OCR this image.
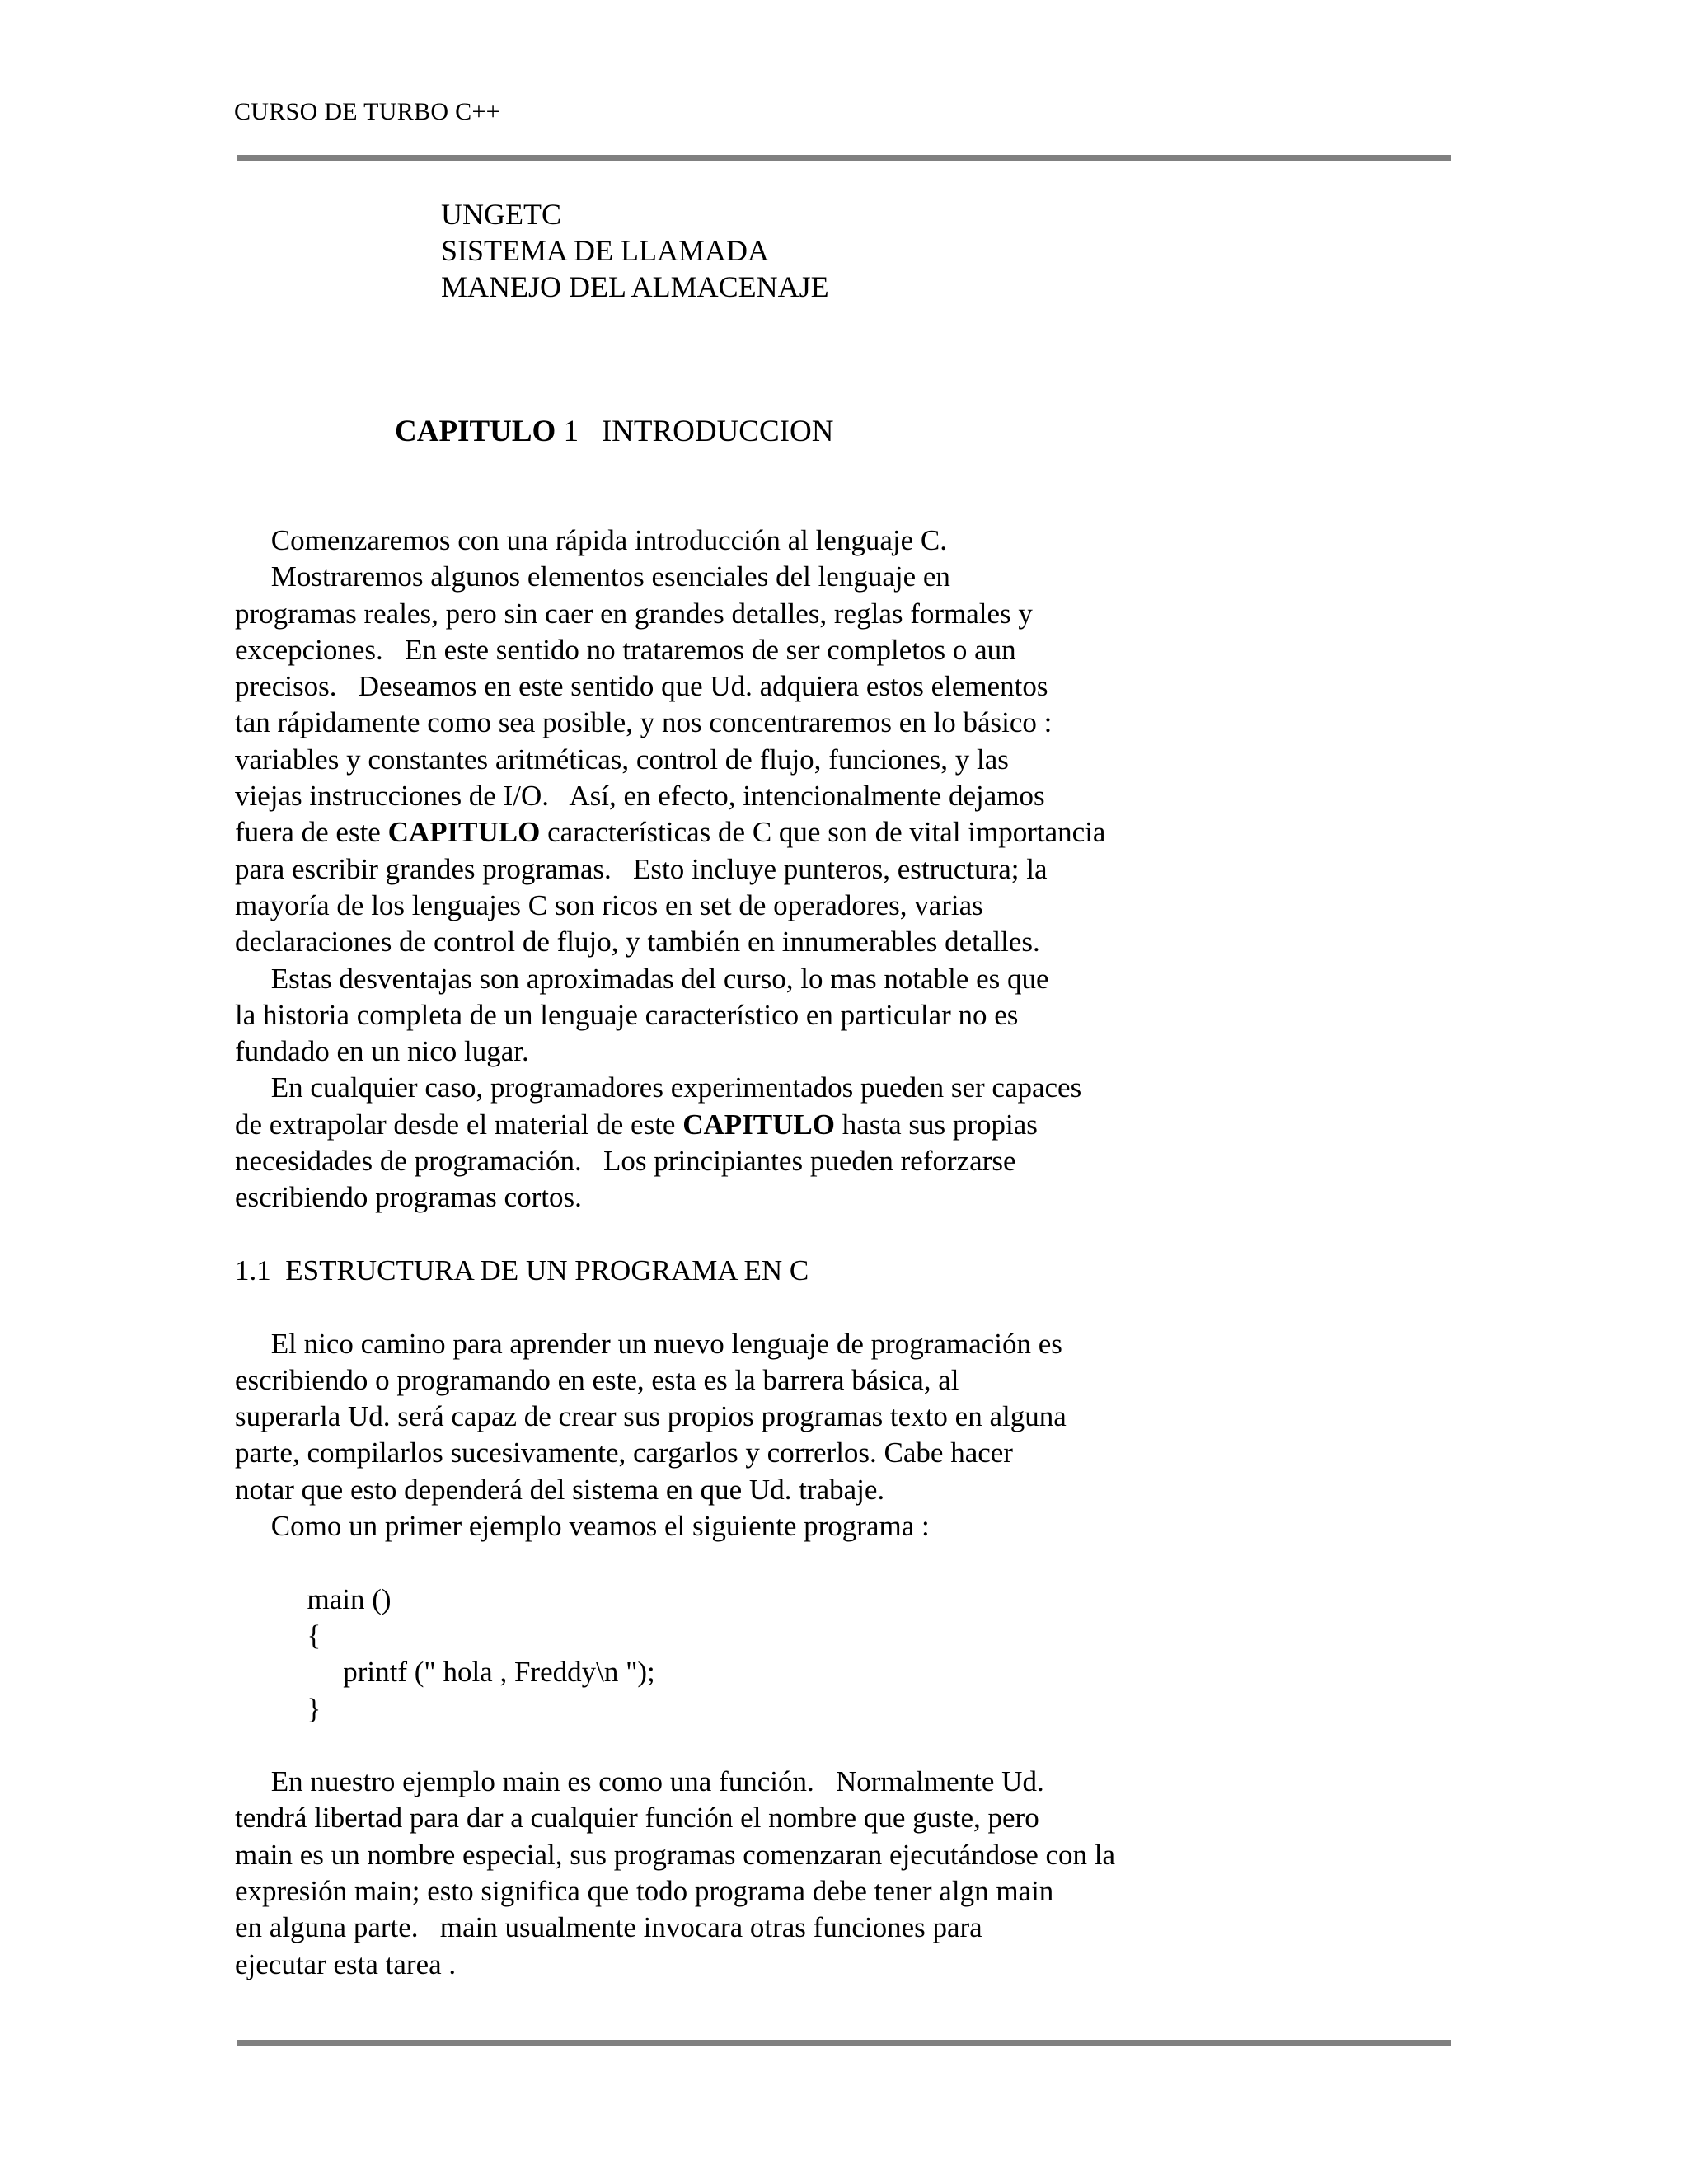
CURSO DE TURBO C++
UNGETC
SISTEMA DE LLAMADA
MANEJO DEL ALMACENAJE
CAPITULO 1   INTRODUCCION

Comenzaremos con una rápida introducción al lenguaje C.

Mostraremos algunos elementos esenciales del lenguaje en

programas reales, pero sin caer en grandes detalles, reglas formales y

excepciones.   En este sentido no trataremos de ser completos o aun

precisos.   Deseamos en este sentido que Ud. adquiera estos elementos

tan rápidamente como sea posible, y nos concentraremos en lo básico :

variables y constantes aritméticas, control de flujo, funciones, y las

viejas instrucciones de I/O.   Así, en efecto, intencionalmente dejamos

fuera de este CAPITULO características de C que son de vital importancia

para escribir grandes programas.   Esto incluye punteros, estructura; la

mayoría de los lenguajes C son ricos en set de operadores, varias

declaraciones de control de flujo, y también en innumerables detalles.

Estas desventajas son aproximadas del curso, lo mas notable es que

la historia completa de un lenguaje característico en particular no es

fundado en un nico lugar.

En cualquier caso, programadores experimentados pueden ser capaces

de extrapolar desde el material de este CAPITULO hasta sus propias

necesidades de programación.   Los principiantes pueden reforzarse

escribiendo programas cortos.

1.1  ESTRUCTURA DE UN PROGRAMA EN C

El nico camino para aprender un nuevo lenguaje de programación es

escribiendo o programando en este, esta es la barrera básica, al

superarla Ud. será capaz de crear sus propios programas texto en alguna

parte, compilarlos sucesivamente, cargarlos y correrlos. Cabe hacer

notar que esto dependerá del sistema en que Ud. trabaje.

Como un primer ejemplo veamos el siguiente programa :

main ()

{

printf (" hola , Freddy\n ");

}

En nuestro ejemplo main es como una función.   Normalmente Ud.

tendrá libertad para dar a cualquier función el nombre que guste, pero

main es un nombre especial, sus programas comenzaran ejecutándose con la

expresión main; esto significa que todo programa debe tener algn main

en alguna parte.   main usualmente invocara otras funciones para

ejecutar esta tarea .
